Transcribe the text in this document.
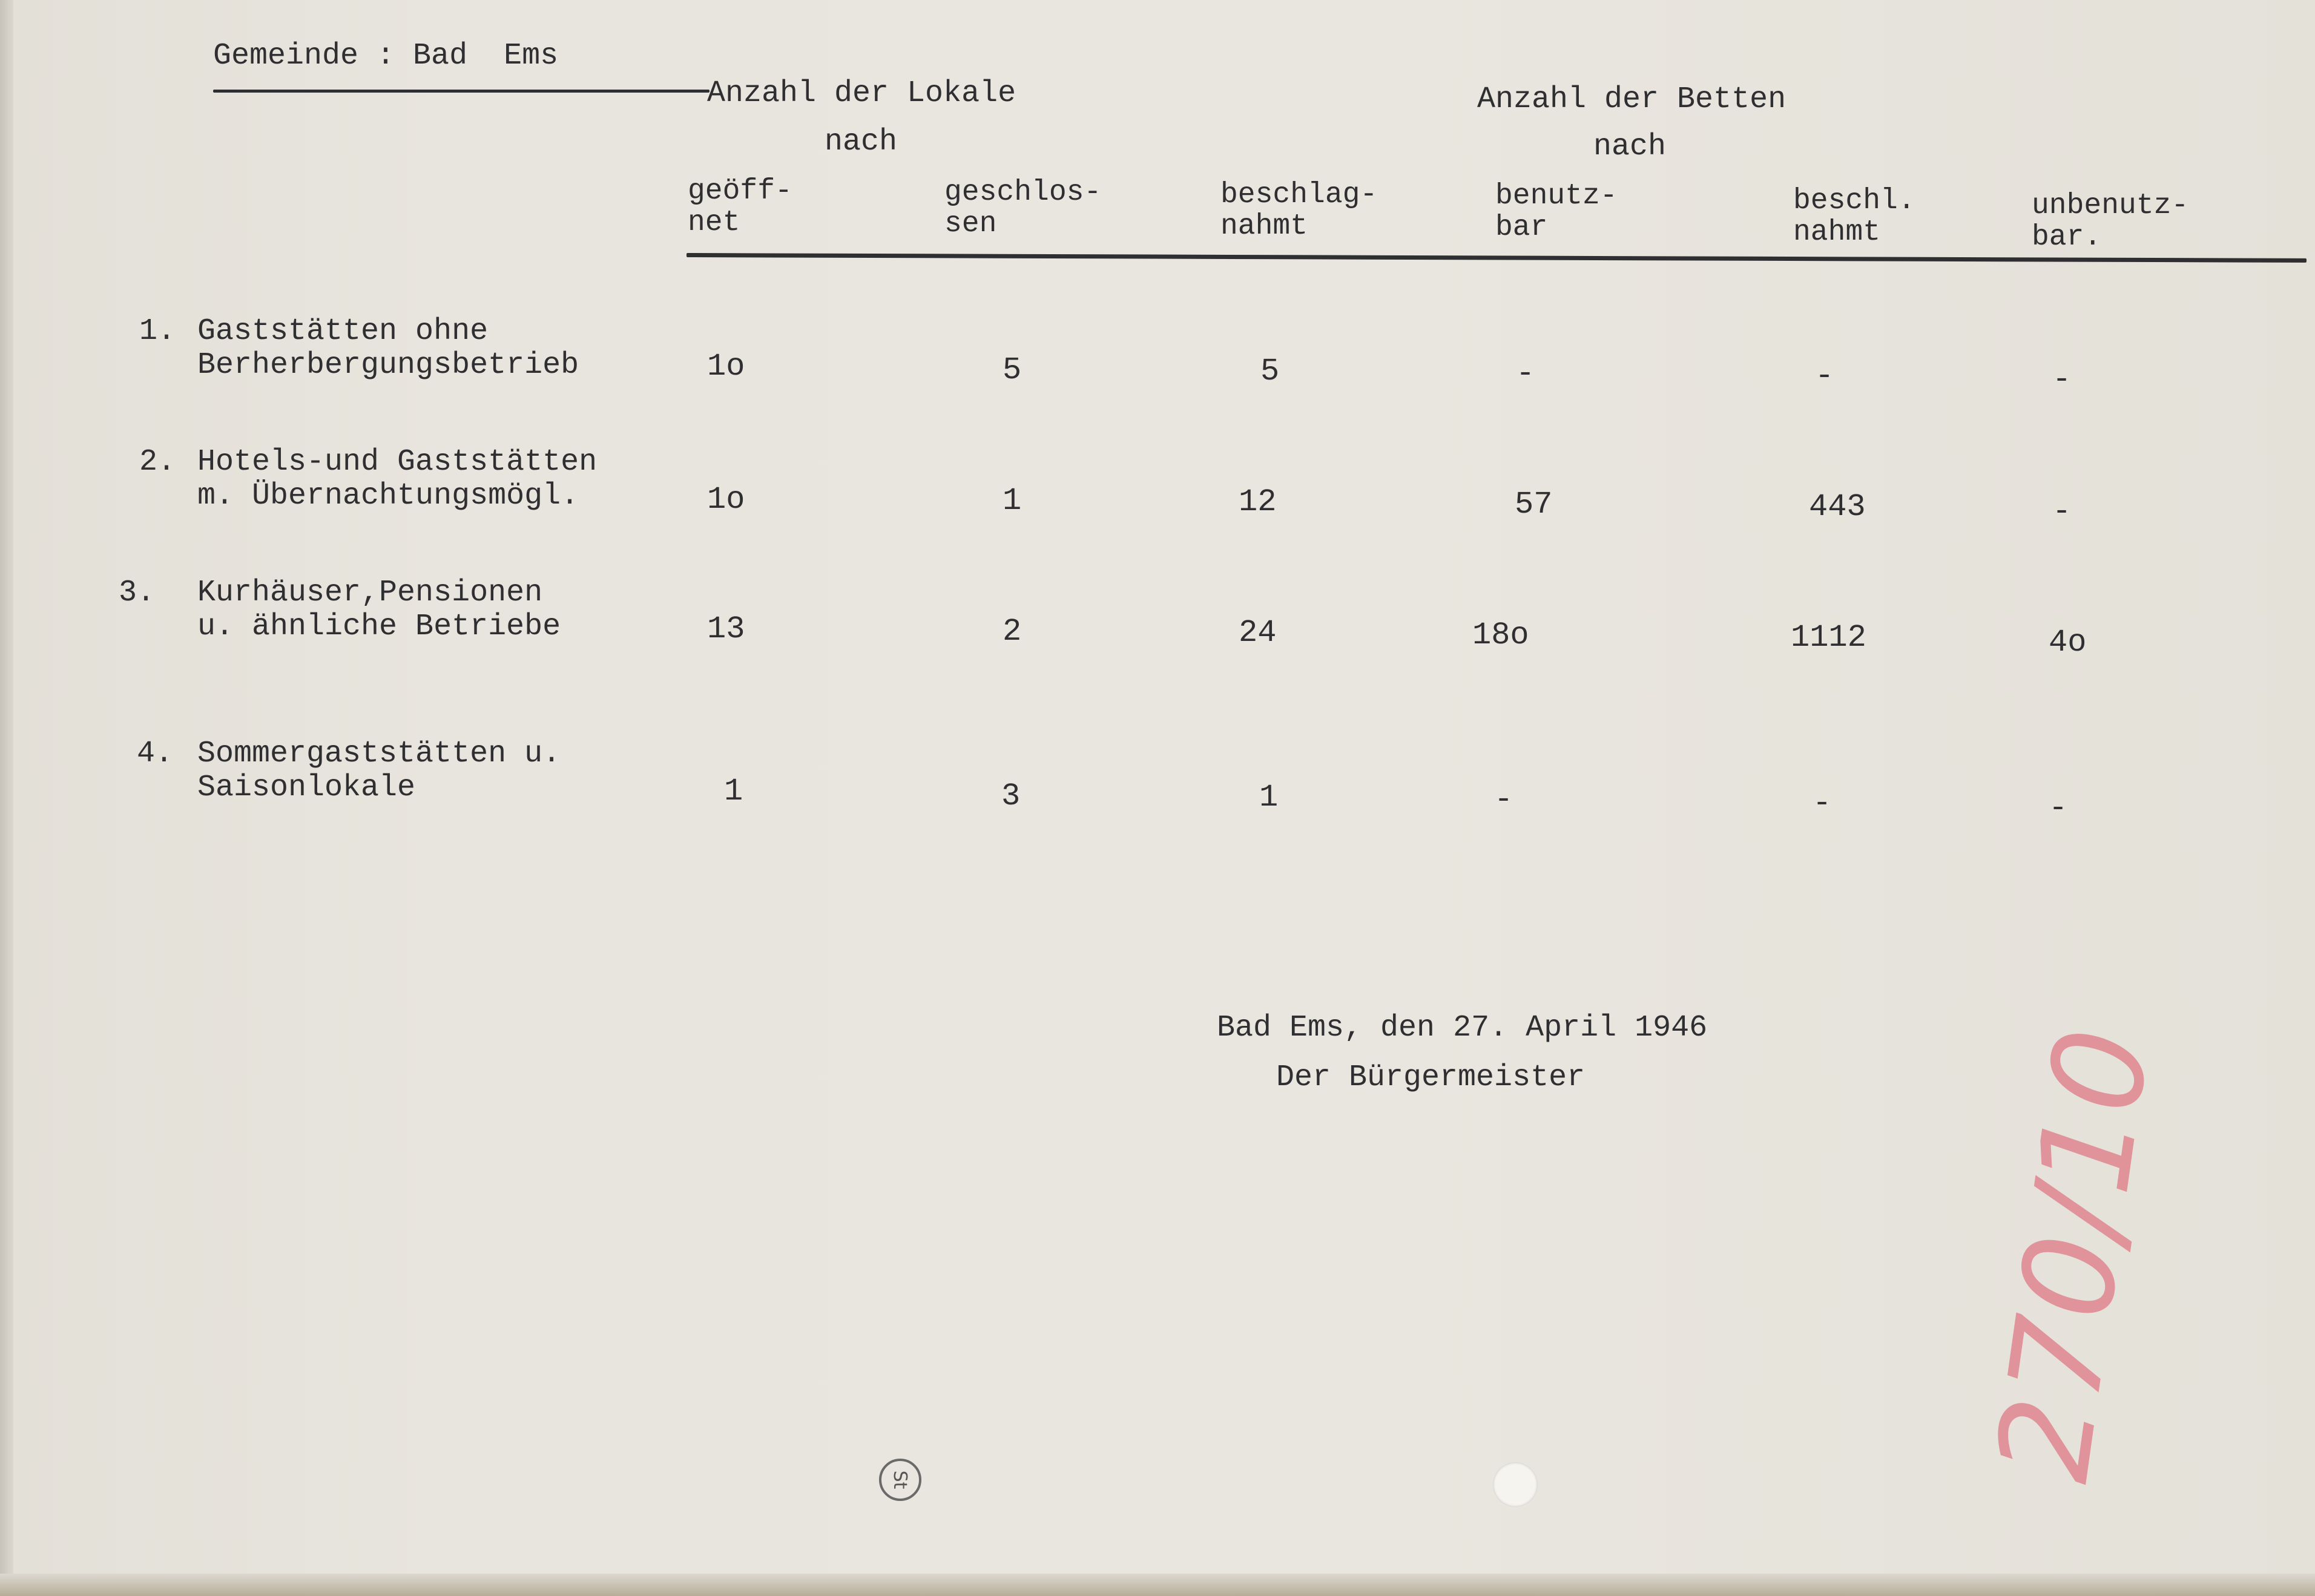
Gemeinde : Bad  Ems
Anzahl der Lokale
nach
Anzahl der Betten
nach
geöff-
net
geschlos-
sen
beschlag-
nahmt
benutz-
bar
beschl.
nahmt
unbenutz-
bar.
1. Gaststätten ohne
Berherbergungsbetrieb	1o	5	5	-	-	-
2. Hotels-und Gaststätten
m. Übernachtungsmögl.	1o	1	12	57	443	-
3. Kurhäuser,Pensionen
u. ähnliche Betriebe	13	2	24	18o	1112	4o
4. Sommergaststätten u.
Saisonlokale	1	3	1	-	-	-
Bad Ems, den 27. April 1946
Der Bürgermeister	270/10
St
